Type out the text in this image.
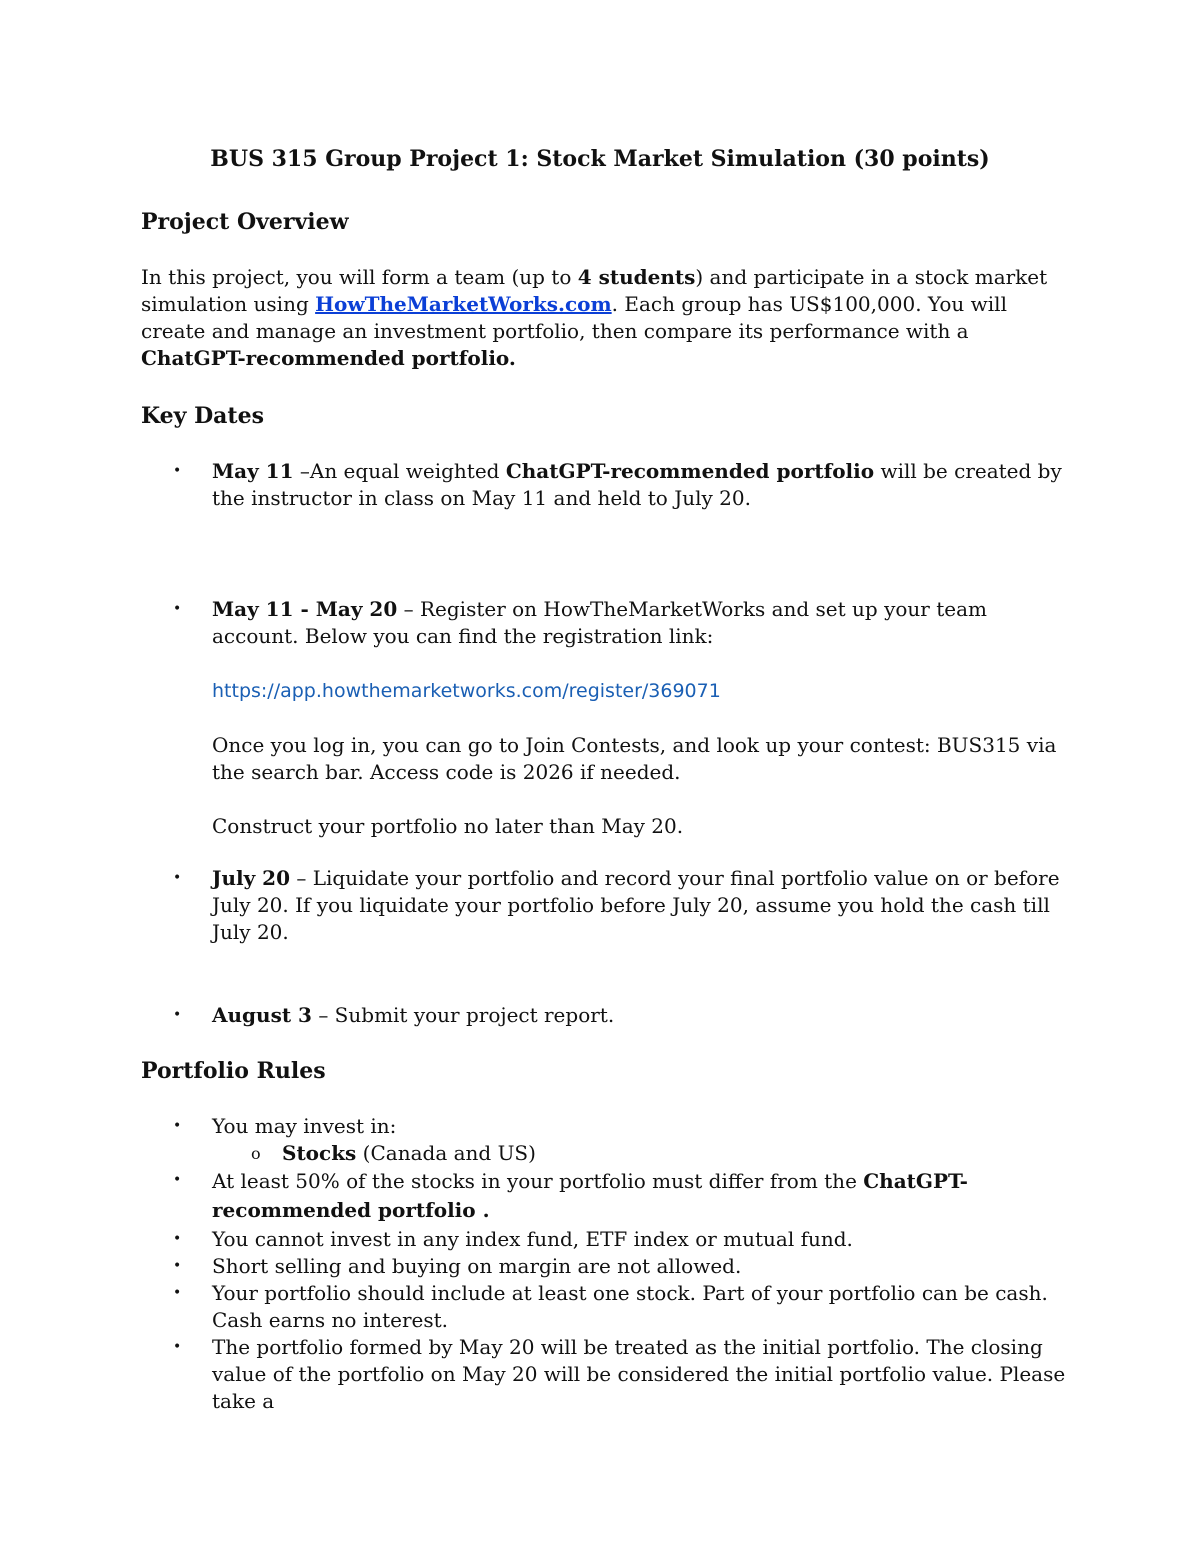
BUS 315 Group Project 1: Stock Market Simulation (30 points)
Project Overview

In this project, you will form a team (up to 4 students) and participate in a stock market simulation using HowTheMarketWorks.com. Each group has US$100,000. You will create and manage an investment portfolio, then compare its performance with a ChatGPT-recommended portfolio.

Key Dates
•	May 11 –An equal weighted ChatGPT-recommended portfolio will be created by the instructor in class on May 11 and held to July 20.

•	May 11 - May 20 – Register on HowTheMarketWorks and set up your team account. Below you can find the registration link:

https://app.howthemarketworks.com/register/369071

Once you log in, you can go to Join Contests, and look up your contest: BUS315 via the search bar. Access code is 2026 if needed.

Construct your portfolio no later than May 20.

•	July 20 – Liquidate your portfolio and record your final portfolio value on or before July 20. If you liquidate your portfolio before July 20, assume you hold the cash till July 20.

•	August 3 – Submit your project report.

Portfolio Rules
•	You may invest in:

o Stocks (Canada and US)
•	At least 50% of the stocks in your portfolio must differ from the ChatGPT-recommended portfolio .

•	You cannot invest in any index fund, ETF index or mutual fund.

•	Short selling and buying on margin are not allowed.

•	Your portfolio should include at least one stock. Part of your portfolio can be cash. Cash earns no interest.

•	The portfolio formed by May 20 will be treated as the initial portfolio. The closing value of the portfolio on May 20 will be considered the initial portfolio value. Please take a
